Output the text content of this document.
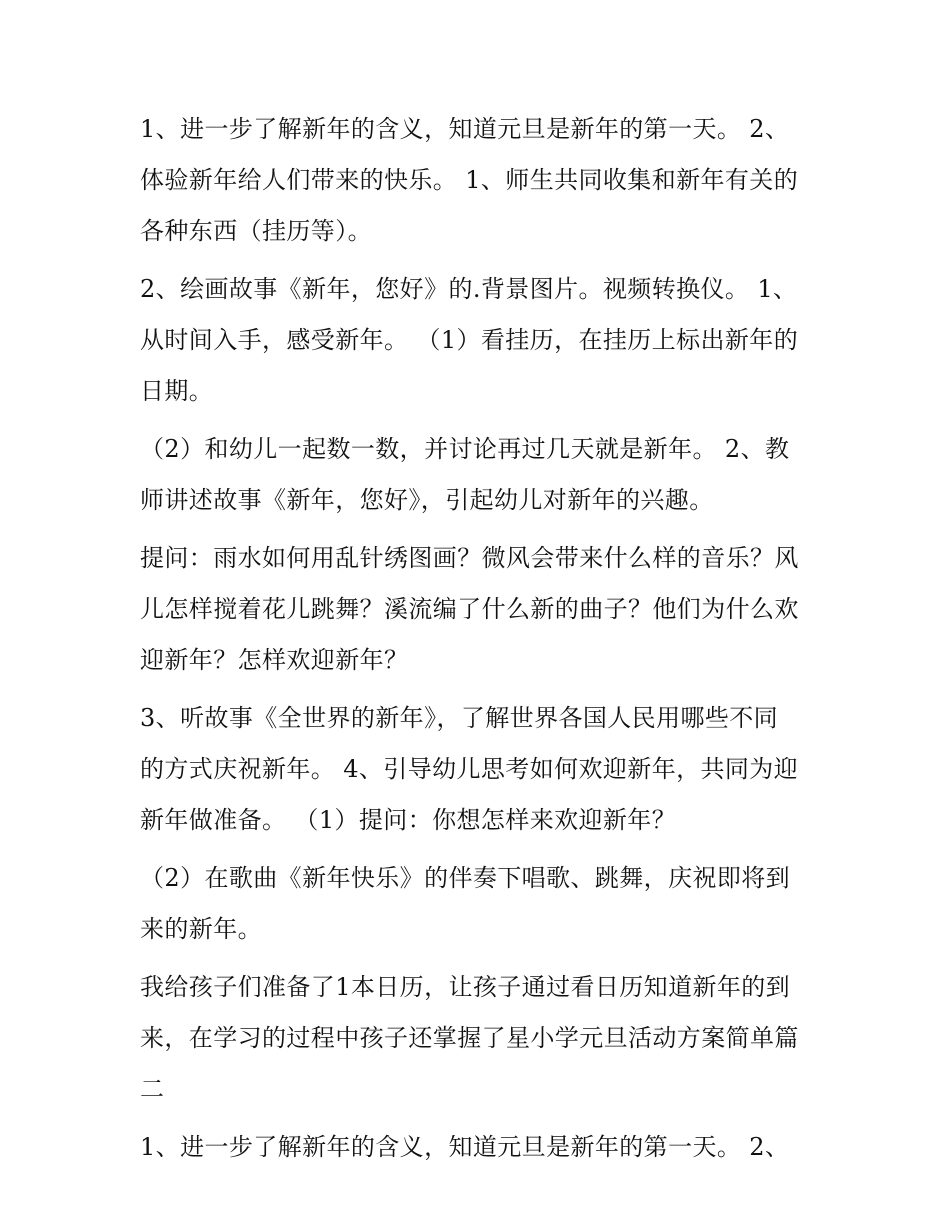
1、进一步了解新年的含义，知道元旦是新年的第一天。 2、
体验新年给人们带来的快乐。 1、师生共同收集和新年有关的
各种东西（挂历等）。

2、绘画故事《新年，您好》的.背景图片。视频转换仪。 1、
从时间入手，感受新年。 （1）看挂历，在挂历上标出新年的
日期。

（2）和幼儿一起数一数，并讨论再过几天就是新年。 2、教
师讲述故事《新年，您好》，引起幼儿对新年的兴趣。

提问：雨水如何用乱针绣图画？微风会带来什么样的音乐？风
儿怎样搅着花儿跳舞？溪流编了什么新的曲子？他们为什么欢
迎新年？怎样欢迎新年？

3、听故事《全世界的新年》，了解世界各国人民用哪些不同
的方式庆祝新年。 4、引导幼儿思考如何欢迎新年，共同为迎
新年做准备。 （1）提问：你想怎样来欢迎新年？

（2）在歌曲《新年快乐》的伴奏下唱歌、跳舞，庆祝即将到
来的新年。

我给孩子们准备了1本日历，让孩子通过看日历知道新年的到
来，在学习的过程中孩子还掌握了星小学元旦活动方案简单篇
二

1、进一步了解新年的含义，知道元旦是新年的第一天。 2、
